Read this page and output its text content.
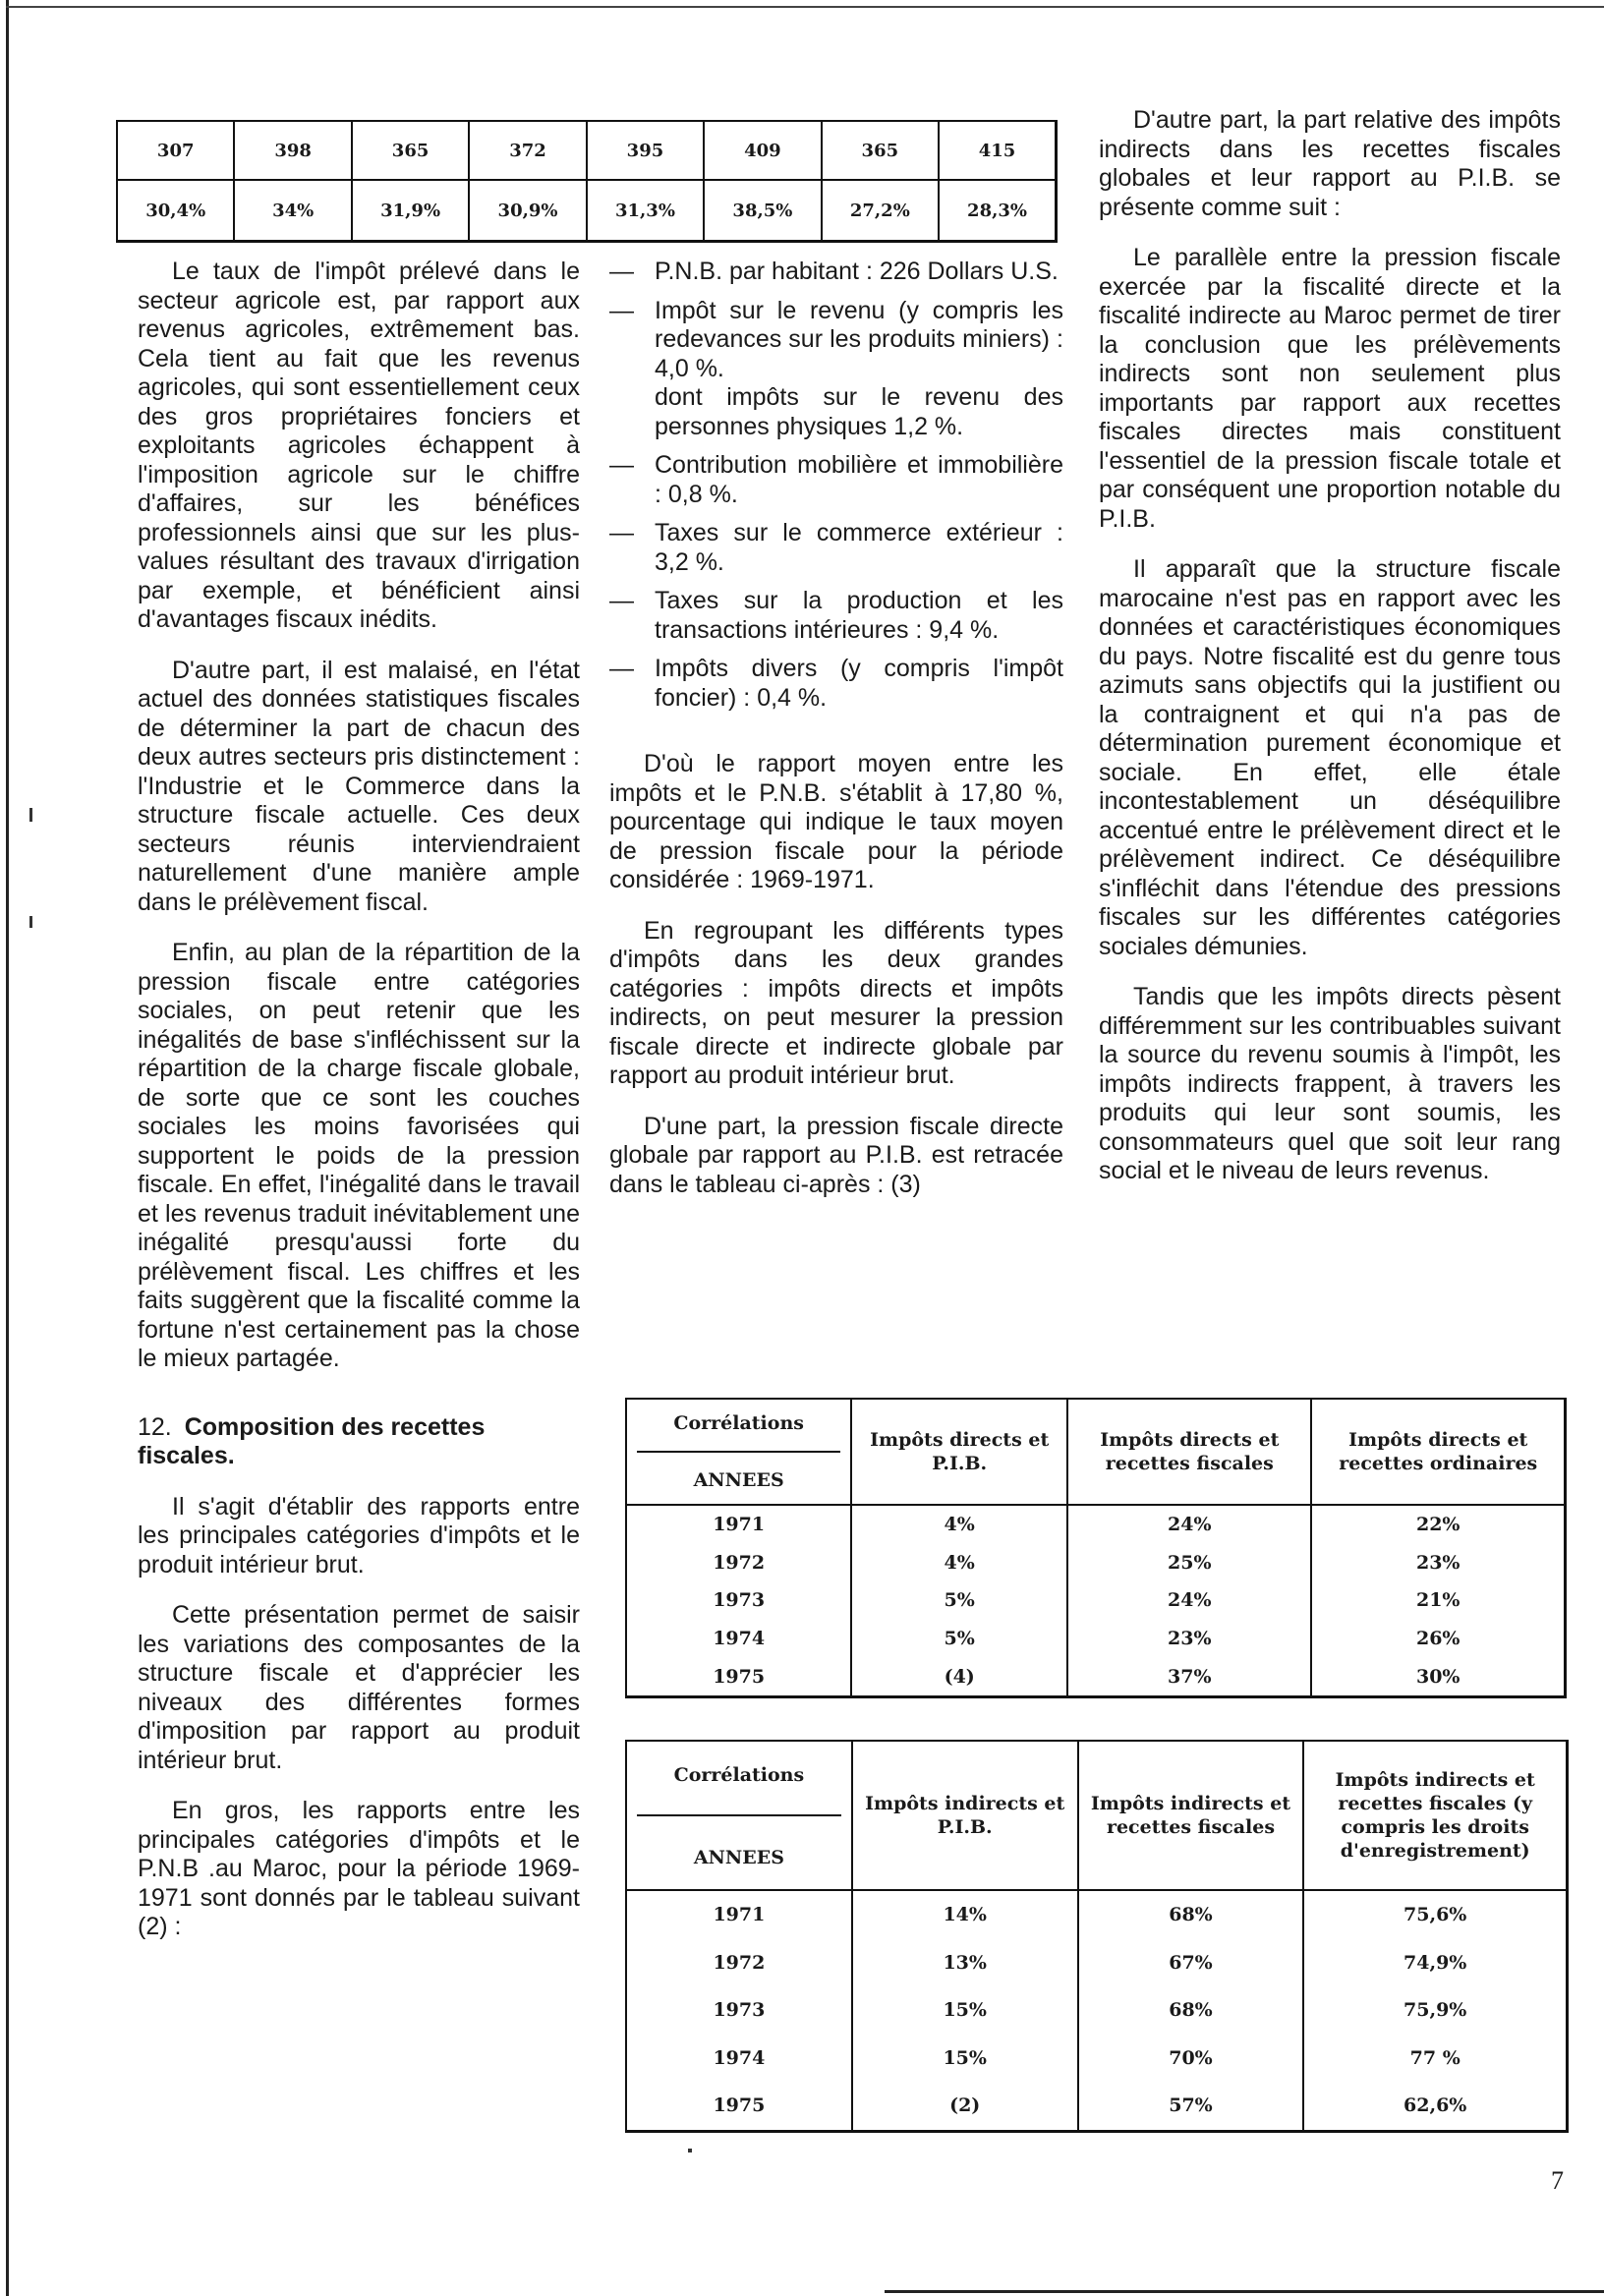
307	398	365	372	395	409	365	415
30,4%	34%	31,9%	30,9%	31,3%	38,5%	27,2%	28,3%

Le taux de l'impôt prélevé dans le secteur agricole est, par rapport aux revenus agricoles, extrêmement bas. Cela tient au fait que les revenus agricoles, qui sont essentiellement ceux des gros propriétaires fonciers et exploitants agricoles échappent à l'imposition agricole sur le chiffre d'affaires, sur les bénéfices professionnels ainsi que sur les plus-values résultant des travaux d'irrigation par exemple, et bénéficient ainsi d'avantages fiscaux inédits.

D'autre part, il est malaisé, en l'état actuel des données statistiques fiscales de déterminer la part de chacun des deux autres secteurs pris distinctement : l'Industrie et le Commerce dans la structure fiscale actuelle. Ces deux secteurs réunis interviendraient naturellement d'une manière ample dans le prélèvement fiscal.

Enfin, au plan de la répartition de la pression fiscale entre catégories sociales, on peut retenir que les inégalités de base s'infléchissent sur la répartition de la charge fiscale globale, de sorte que ce sont les couches sociales les moins favorisées qui supportent le poids de la pression fiscale. En effet, l'inégalité dans le travail et les revenus traduit inévitablement une inégalité presqu'aussi forte du prélèvement fiscal. Les chiffres et les faits suggèrent que la fiscalité comme la fortune n'est certainement pas la chose le mieux partagée.

12. Composition des recettes fiscales.

Il s'agit d'établir des rapports entre les principales catégories d'impôts et le produit intérieur brut.

Cette présentation permet de saisir les variations des composantes de la structure fiscale et d'apprécier les niveaux des différentes formes d'imposition par rapport au produit intérieur brut.

En gros, les rapports entre les principales catégories d'impôts et le P.N.B .au Maroc, pour la période 1969-1971 sont donnés par le tableau suivant (2) :

— P.N.B. par habitant : 226 Dollars U.S.
— Impôt sur le revenu (y compris les redevances sur les produits miniers) : 4,0 %.
dont impôts sur le revenu des personnes physiques 1,2 %.
— Contribution mobilière et immobilière : 0,8 %.
— Taxes sur le commerce extérieur : 3,2 %.
— Taxes sur la production et les transactions intérieures : 9,4 %.
— Impôts divers (y compris l'impôt foncier) : 0,4 %.

D'où le rapport moyen entre les impôts et le P.N.B. s'établit à 17,80 %, pourcentage qui indique le taux moyen de pression fiscale pour la période considérée : 1969-1971.

En regroupant les différents types d'impôts dans les deux grandes catégories : impôts directs et impôts indirects, on peut mesurer la pression fiscale directe et indirecte globale par rapport au produit intérieur brut.

D'une part, la pression fiscale directe globale par rapport au P.I.B. est retracée dans le tableau ci-après : (3)

D'autre part, la part relative des impôts indirects dans les recettes fiscales globales et leur rapport au P.I.B. se présente comme suit :

Le parallèle entre la pression fiscale exercée par la fiscalité directe et la fiscalité indirecte au Maroc permet de tirer la conclusion que les prélèvements indirects sont non seulement plus importants par rapport aux recettes fiscales directes mais constituent l'essentiel de la pression fiscale totale et par conséquent une proportion notable du P.I.B.

Il apparaît que la structure fiscale marocaine n'est pas en rapport avec les données et caractéristiques économiques du pays. Notre fiscalité est du genre tous azimuts sans objectifs qui la justifient ou la contraignent et qui n'a pas de détermination purement économique et sociale. En effet, elle étale incontestablement un déséquilibre accentué entre le prélèvement direct et le prélèvement indirect. Ce déséquilibre s'infléchit dans l'étendue des pressions fiscales sur les différentes catégories sociales démunies.

Tandis que les impôts directs pèsent différemment sur les contribuables suivant la source du revenu soumis à l'impôt, les impôts indirects frappent, à travers les produits qui leur sont soumis, les consommateurs quel que soit leur rang social et le niveau de leurs revenus.

Corrélations
ANNEES	Impôts directs et P.I.B.	Impôts directs et recettes fiscales	Impôts directs et recettes ordinaires
1971	4%	24%	22%
1972	4%	25%	23%
1973	5%	24%	21%
1974	5%	23%	26%
1975	(4)	37%	30%
Corrélations
ANNEES	Impôts indirects et P.I.B.	Impôts indirects et recettes fiscales	Impôts indirects et recettes fiscales (y compris les droits d'enregistrement)
1971	14%	68%	75,6%
1972	13%	67%	74,9%
1973	15%	68%	75,9%
1974	15%	70%	77 %
1975	(2)	57%	62,6%
7
